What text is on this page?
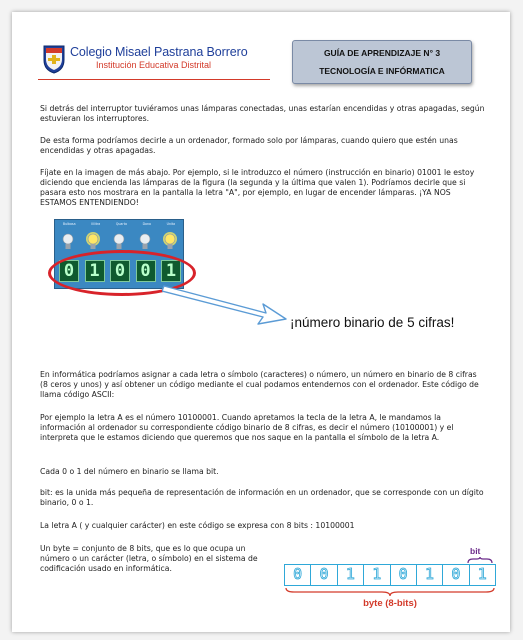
Colegio Misael Pastrana Borrero
Institución Educativa Distrital
GUÍA DE APRENDIZAJE N° 3
TECNOLOGÍA E INFÓRMATICA

Si detrás del interruptor tuviéramos unas lámparas conectadas, unas estarían encendidas y otras apagadas, según estuvieran los interruptores.

De esta forma podríamos decirle a un ordenador, formado solo por lámparas, cuando quiero que estén unas encendidas y otras apagadas.

Fíjate en la imagen de más abajo. Por ejemplo, si le introduzco el número (instrucción en binario) 01001 le estoy diciendo que encienda las lámparas de la figura (la segunda y la última que valen 1). Podríamos decirle que si pasara esto nos mostrara en la pantalla la letra "A", por ejemplo, en lugar de encender lámparas. ¡YA NOS ESTAMOS ENTENDIENDO!

Bulbasa	Illlitra	Quarta	Dona	Unita
0 1 0 0 1
¡número binario de 5 cifras!

En informática podríamos asignar a cada letra o símbolo (caracteres) o número, un número en binario de 8 cifras (8 ceros y unos) y así obtener un código mediante el cual podamos entendernos con el ordenador. Este código de llama código ASCII:

Por ejemplo la letra A es el número 10100001. Cuando apretamos la tecla de la letra A, le mandamos la información al ordenador su correspondiente código binario de 8 cifras, es decir el número (10100001) y el interpreta que le estamos diciendo que queremos que nos saque en la pantalla el símbolo de la letra A.

Cada 0 o 1 del número en binario se llama bit.

bit: es la unida más pequeña de representación de información en un ordenador, que se corresponde con un dígito binario, 0 o 1.

La letra A ( y cualquier carácter) en este código se expresa con 8 bits : 10100001

Un byte = conjunto de 8 bits, que es lo que ocupa un número o un carácter (letra, o símbolo) en el sistema de codificación usado en informática.

bit
0	0	1	1	0	1	0	1
byte (8-bits)
